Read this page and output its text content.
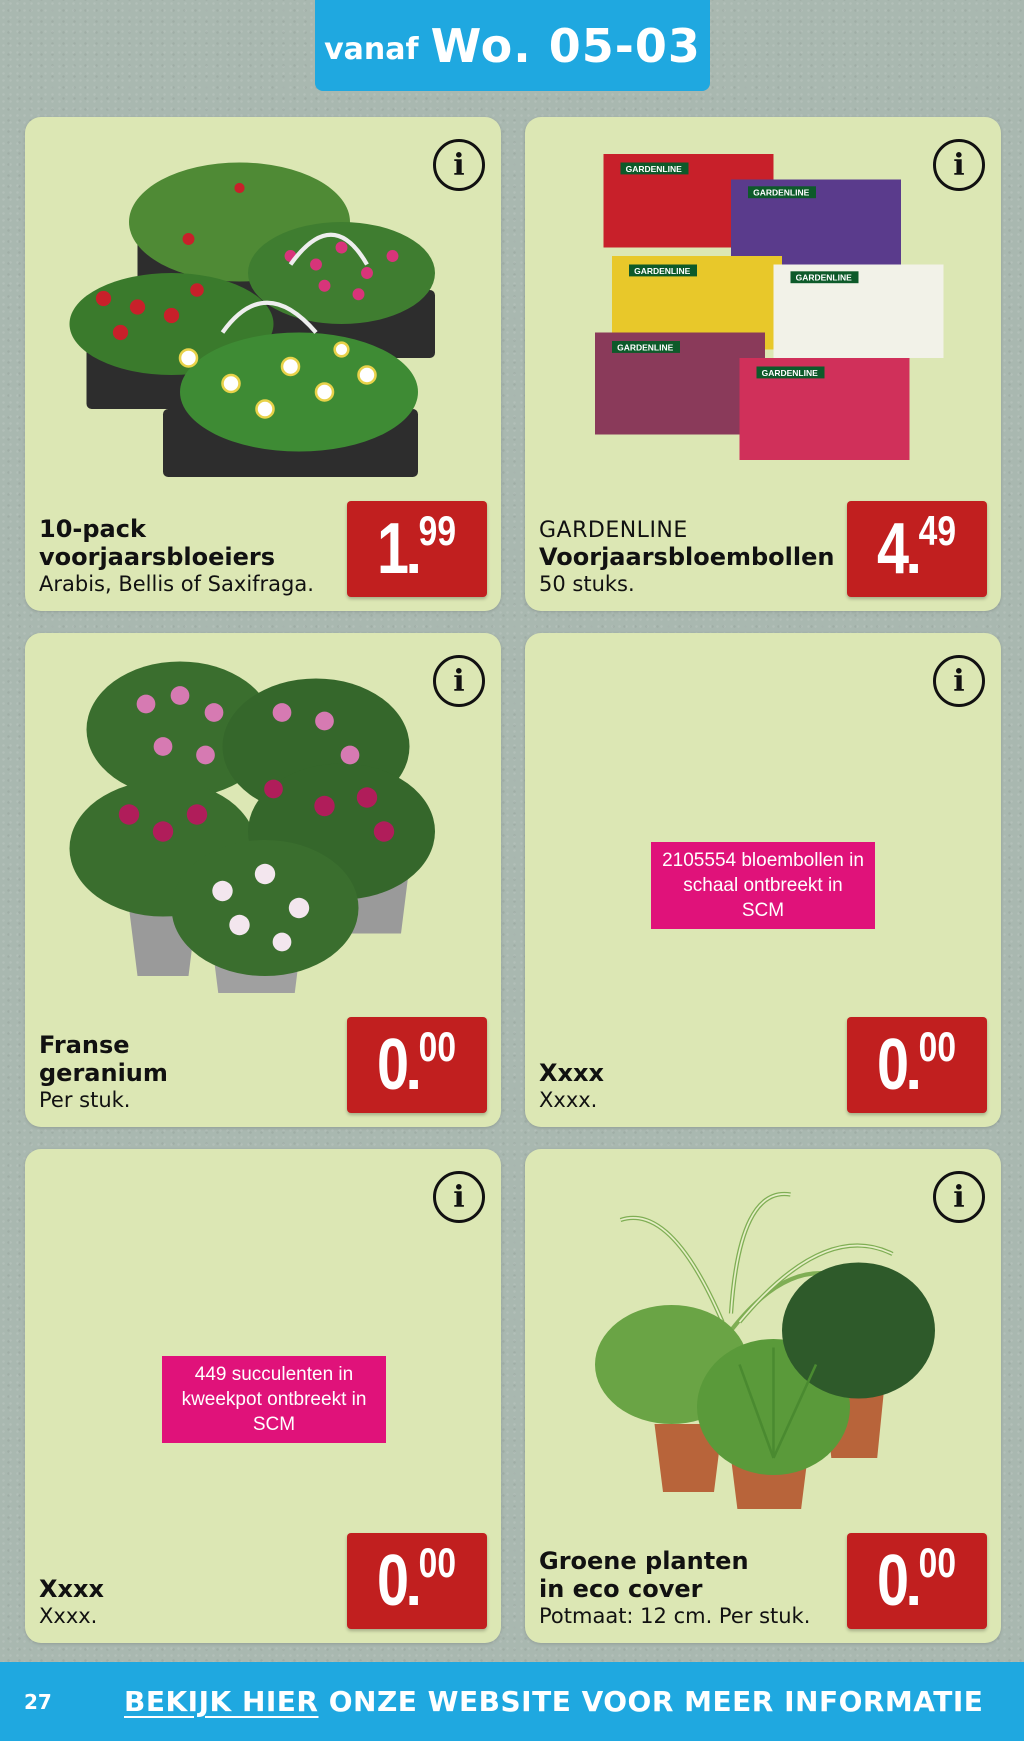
vanaf Wo. 05-03
i
10-pack
voorjaarsbloeiers
Arabis, Bellis of Saxifraga. 1
.
99
i
GARDENLINE
GARDENLINE
GARDENLINE
GARDENLINE
GARDENLINE
GARDENLINE
GARDENLINE
Voorjaarsbloembollen
50 stuks.	4
.
49
i
Franse
geranium
Per stuk.	0
.
00
i
2105554 bloembollen in
schaal ontbreekt in SCM
Xxxx
Xxxx.	0
.
00
i
449 succulenten in
kweekpot ontbreekt in
SCM
Xxxx
Xxxx.	0
.
00
i
Groene planten
in eco cover
Potmaat: 12 cm. Per stuk. 0
.
00
27	BEKIJK HIER ONZE WEBSITE VOOR MEER INFORMATIE
